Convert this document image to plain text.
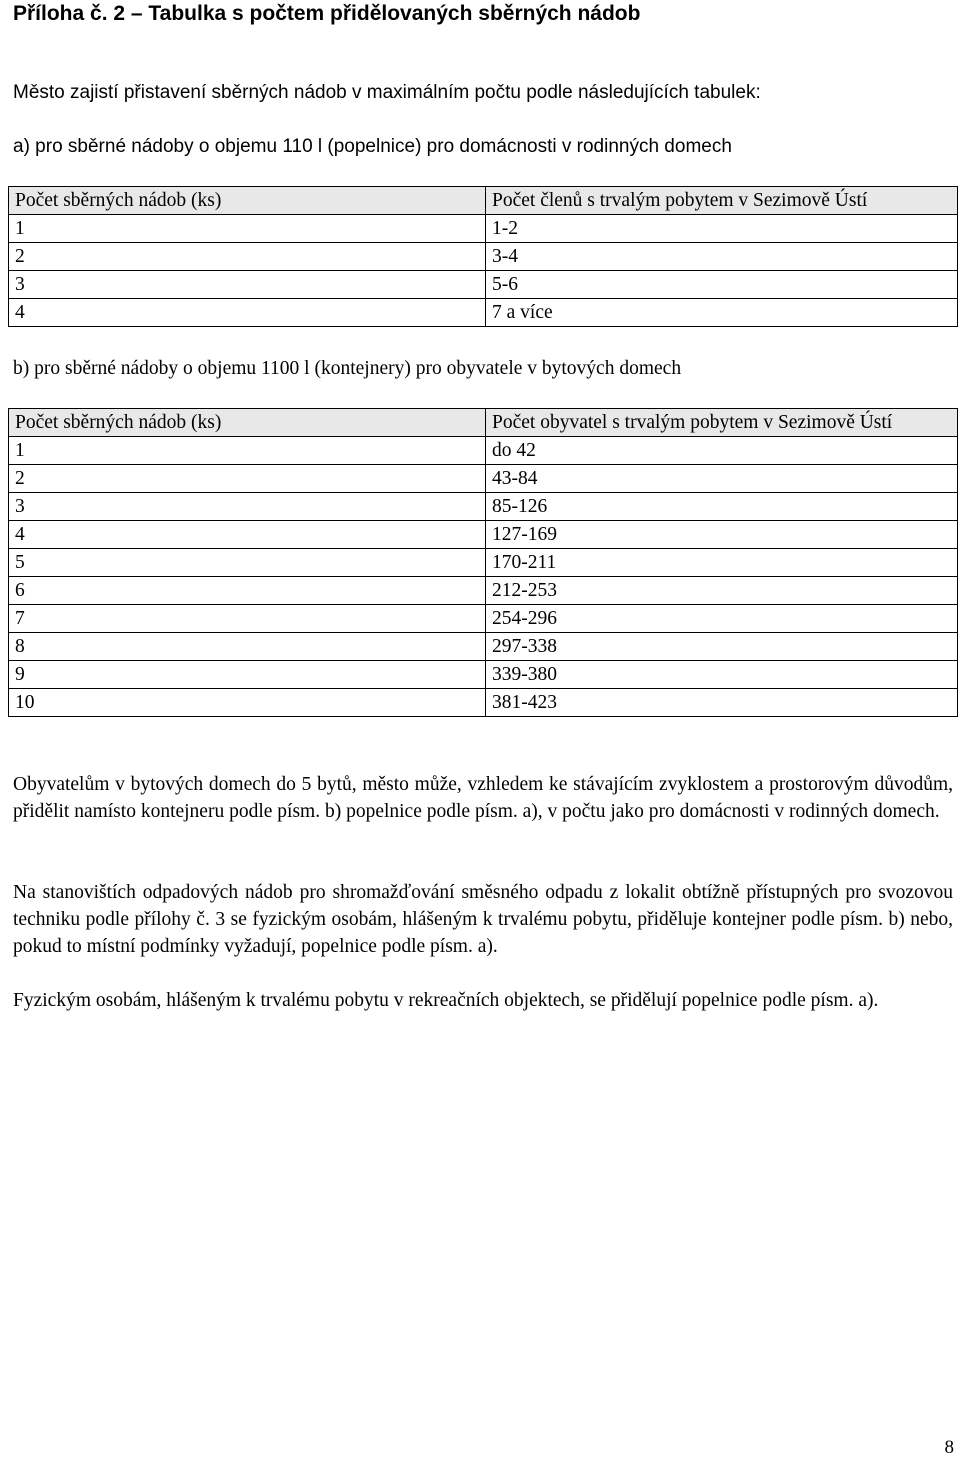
Příloha č. 2 – Tabulka s počtem přidělovaných sběrných nádob
Město zajistí přistavení sběrných nádob v maximálním počtu podle následujících tabulek:
a) pro sběrné nádoby o objemu 110 l (popelnice) pro domácnosti v rodinných domech
Počet sběrných nádob (ks)	Počet členů s trvalým pobytem v Sezimově Ústí
1	1-2
2	3-4
3	5-6
4	7 a více
b) pro sběrné nádoby o objemu 1100 l (kontejnery) pro obyvatele v bytových domech
Počet sběrných nádob (ks)	Počet obyvatel s trvalým pobytem v Sezimově Ústí
1	do 42
2	43-84
3	85-126
4	127-169
5	170-211
6	212-253
7	254-296
8	297-338
9	339-380
10	381-423
Obyvatelům v bytových domech do 5 bytů, město může, vzhledem ke stávajícím zvyklostem a prostorovým důvodům, přidělit namísto kontejneru podle písm. b) popelnice podle písm. a), v počtu jako pro domácnosti v rodinných domech.
Na stanovištích odpadových nádob pro shromažďování směsného odpadu z lokalit obtížně přístupných pro svozovou techniku podle přílohy č. 3 se fyzickým osobám, hlášeným k trvalému pobytu, přiděluje kontejner podle písm. b) nebo, pokud to místní podmínky vyžadují, popelnice podle písm. a).
Fyzickým osobám, hlášeným k trvalému pobytu v rekreačních objektech, se přidělují popelnice podle písm. a).
8
